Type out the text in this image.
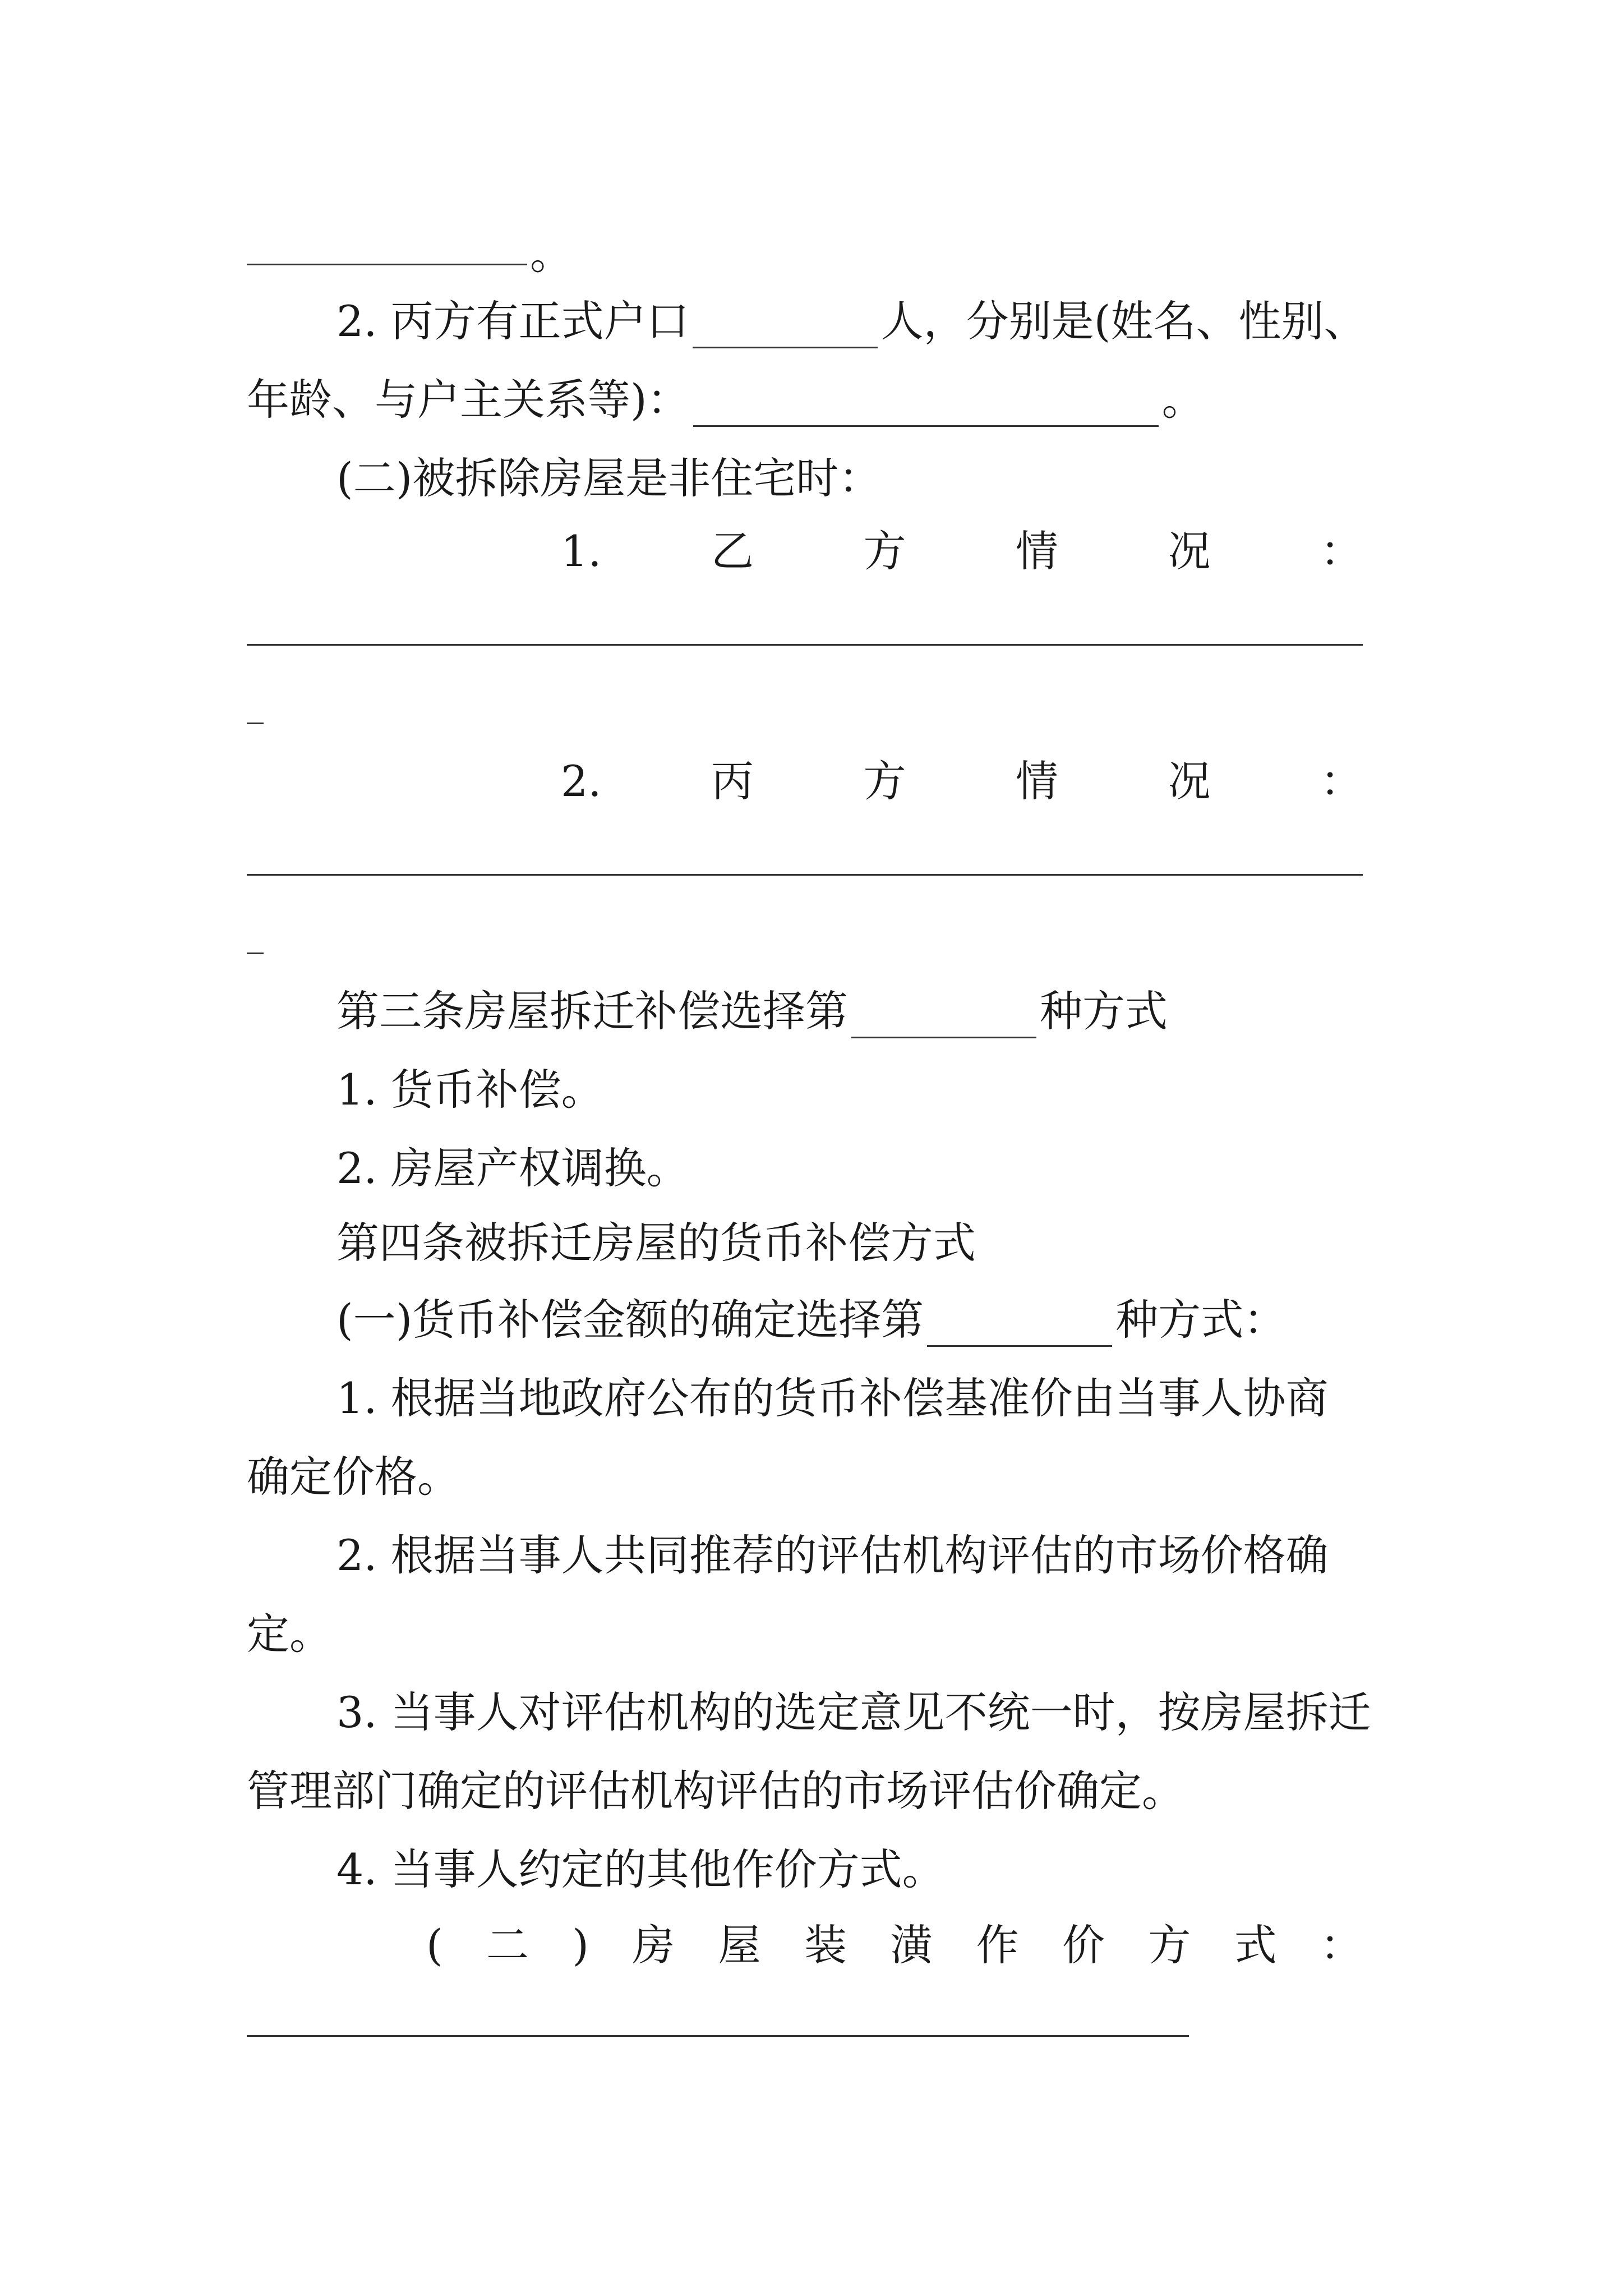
。
2. 丙方有正式户口	人，分别是(姓名、性别、
年龄、与户主关系等)：	。
(二)被拆除房屋是非住宅时：
1.	乙	方	情	况	：
2.	丙	方	情	况	：
第三条房屋拆迁补偿选择第	种方式
1. 货币补偿。
2. 房屋产权调换。
第四条被拆迁房屋的货币补偿方式
(一)货币补偿金额的确定选择第	种方式：
1. 根据当地政府公布的货币补偿基准价由当事人协商
确定价格。
2. 根据当事人共同推荐的评估机构评估的市场价格确
定。
3. 当事人对评估机构的选定意见不统一时，按房屋拆迁
管理部门确定的评估机构评估的市场评估价确定。
4. 当事人约定的其他作价方式。
( 二 ) 房 屋 装 潢 作 价 方 式 ：
